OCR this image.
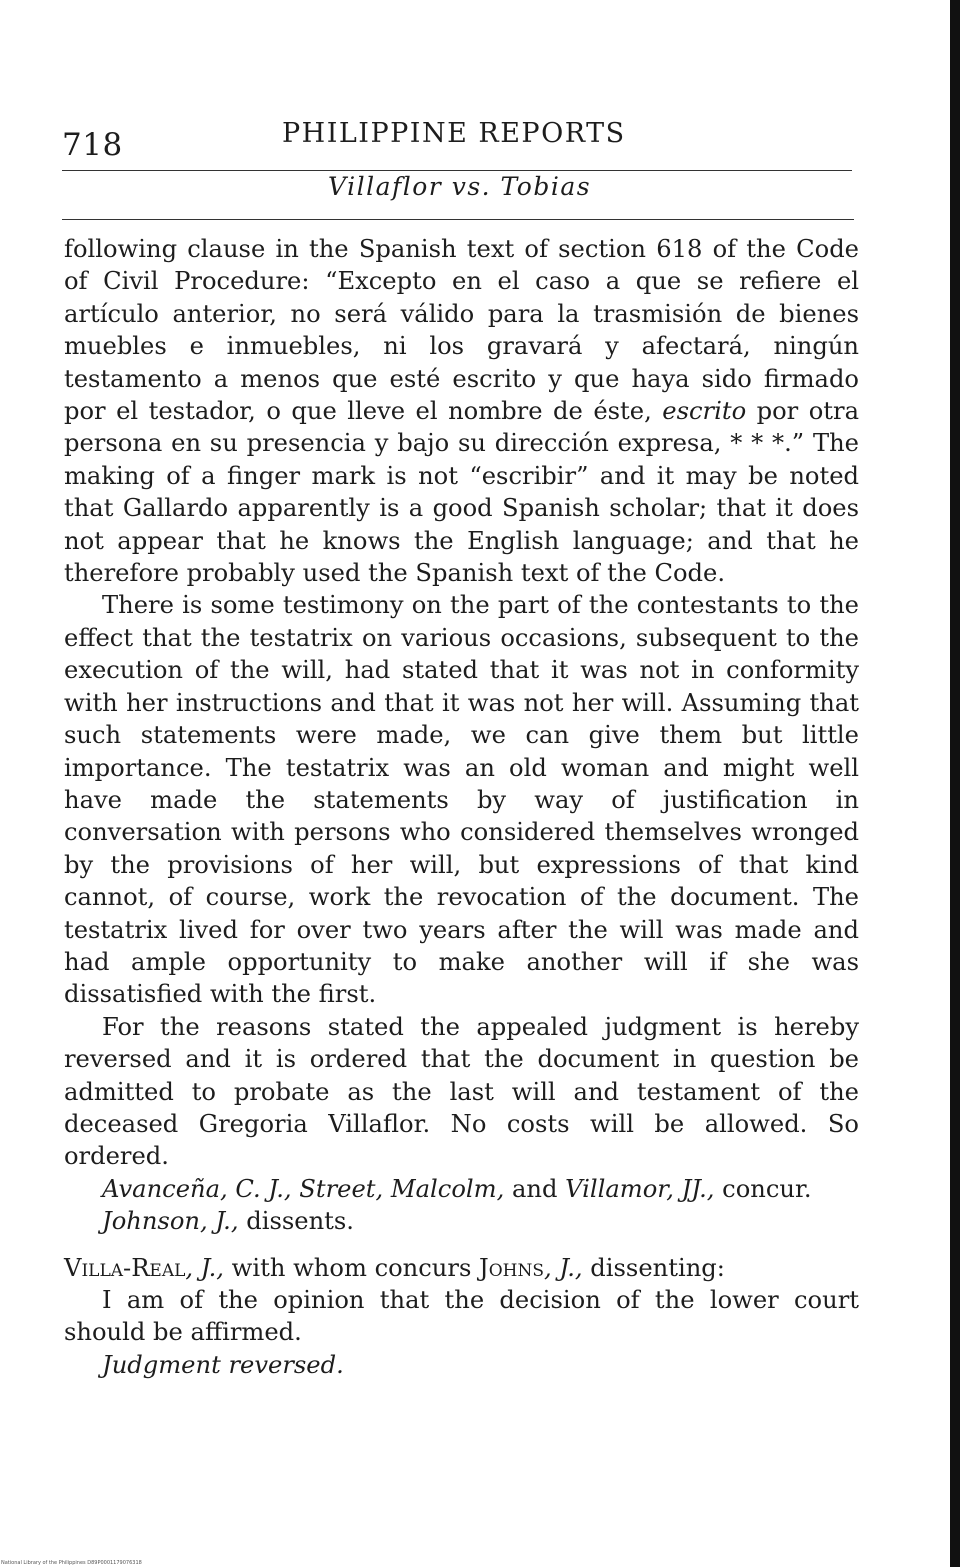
718	PHILIPPINE REPORTS
Villaflor vs. Tobias

following clause in the Spanish text of section 618 of the Code of Civil Procedure: “Excepto en el caso a que se refiere el artículo anterior, no será válido para la trasmisión de bienes muebles e inmuebles, ni los gravará y afectará, ningún testamento a menos que esté escrito y que haya sido firmado por el testador, o que lleve el nombre de éste, escrito por otra persona en su presencia y bajo su dirección expresa, * * *.” The making of a finger mark is not “escribir” and it may be noted that Gallardo apparently is a good Spanish scholar; that it does not appear that he knows the English language; and that he therefore probably used the Spanish text of the Code.

There is some testimony on the part of the contestants to the effect that the testatrix on various occasions, subsequent to the execution of the will, had stated that it was not in conformity with her instructions and that it was not her will. Assuming that such statements were made, we can give them but little importance. The testatrix was an old woman and might well have made the statements by way of justification in conversation with persons who considered themselves wronged by the provisions of her will, but expressions of that kind cannot, of course, work the revocation of the document. The testatrix lived for over two years after the will was made and had ample opportunity to make another will if she was dissatisfied with the first.

For the reasons stated the appealed judgment is hereby reversed and it is ordered that the document in question be admitted to probate as the last will and testament of the deceased Gregoria Villaflor. No costs will be allowed. So ordered.

Avanceña, C. J., Street, Malcolm, and Villamor, JJ., concur.

Johnson, J., dissents.

Villa-Real, J., with whom concurs Johns, J., dissenting:

I am of the opinion that the decision of the lower court should be affirmed.

Judgment reversed.

National Library of the Philippines D89P0001179076318
